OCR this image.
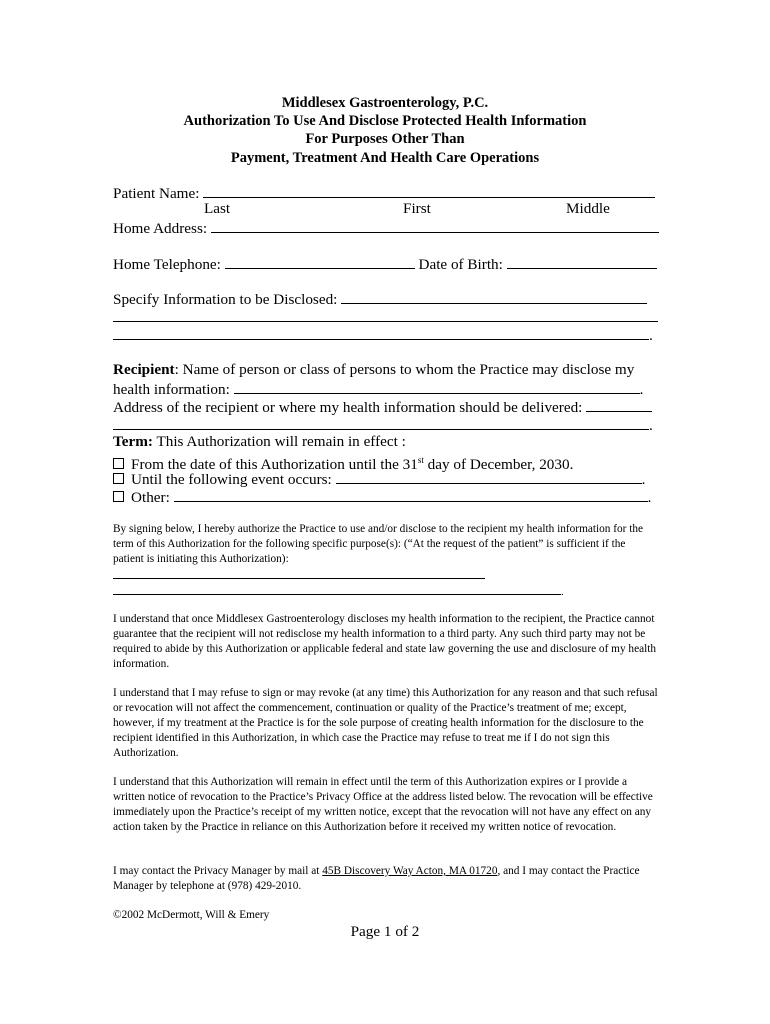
Middlesex Gastroenterology, P.C.
Authorization To Use And Disclose Protected Health Information
For Purposes Other Than
Payment, Treatment And Health Care Operations
Patient Name:
Last	First	Middle
Home Address:
Home Telephone:	Date of Birth:
Specify Information to be Disclosed:
.
Recipient: Name of person or class of persons to whom the Practice may disclose my
health information:	.
Address of the recipient or where my health information should be delivered:
.
Term: This Authorization will remain in effect :
From the date of this Authorization until the 31st day of December, 2030.
Until the following event occurs:	.
Other:	.

By signing below, I hereby authorize the Practice to use and/or disclose to the recipient my health information for the term of this Authorization for the following specific purpose(s): (“At the request of the patient” is sufficient if the patient is initiating this Authorization):

.

I understand that once Middlesex Gastroenterology discloses my health information to the recipient, the Practice cannot guarantee that the recipient will not redisclose my health information to a third party. Any such third party may not be required to abide by this Authorization or applicable federal and state law governing the use and disclosure of my health information.

I understand that I may refuse to sign or may revoke (at any time) this Authorization for any reason and that such refusal or revocation will not affect the commencement, continuation or quality of the Practice’s treatment of me; except, however, if my treatment at the Practice is for the sole purpose of creating health information for the disclosure to the recipient identified in this Authorization, in which case the Practice may refuse to treat me if I do not sign this Authorization.

I understand that this Authorization will remain in effect until the term of this Authorization expires or I provide a written notice of revocation to the Practice’s Privacy Office at the address listed below. The revocation will be effective immediately upon the Practice’s receipt of my written notice, except that the revocation will not have any effect on any action taken by the Practice in reliance on this Authorization before it received my written notice of revocation.

I may contact the Privacy Manager by mail at 45B Discovery Way Acton, MA 01720, and I may contact the Practice Manager by telephone at (978) 429-2010.

©2002 McDermott, Will & Emery
Page 1 of 2
